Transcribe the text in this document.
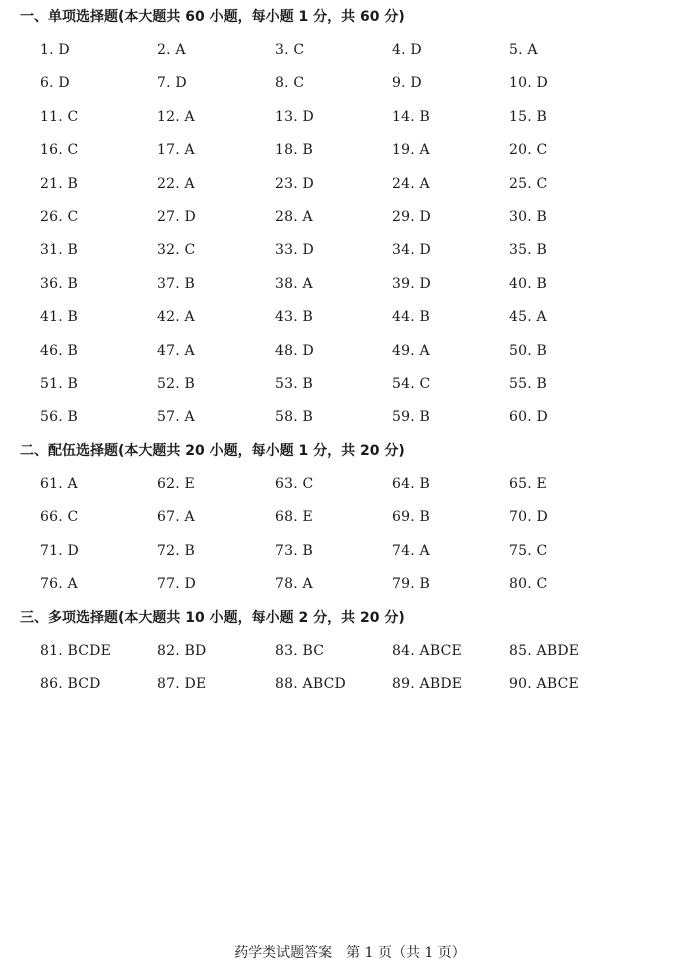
一、单项选择题(本大题共 60 小题，每小题 1 分，共 60 分)
1. D	2. A	3. C	4. D	5. A
6. D	7. D	8. C	9. D	10. D
11. C	12. A	13. D	14. B	15. B
16. C	17. A	18. B	19. A	20. C
21. B	22. A	23. D	24. A	25. C
26. C	27. D	28. A	29. D	30. B
31. B	32. C	33. D	34. D	35. B
36. B	37. B	38. A	39. D	40. B
41. B	42. A	43. B	44. B	45. A
46. B	47. A	48. D	49. A	50. B
51. B	52. B	53. B	54. C	55. B
56. B	57. A	58. B	59. B	60. D
二、配伍选择题(本大题共 20 小题，每小题 1 分，共 20 分)
61. A	62. E	63. C	64. B	65. E
66. C	67. A	68. E	69. B	70. D
71. D	72. B	73. B	74. A	75. C
76. A	77. D	78. A	79. B	80. C
三、多项选择题(本大题共 10 小题，每小题 2 分，共 20 分)
81. BCDE	82. BD	83. BC	84. ABCE	85. ABDE
86. BCD	87. DE	88. ABCD	89. ABDE	90. ABCE
药学类试题答案　第 1 页（共 1 页）
